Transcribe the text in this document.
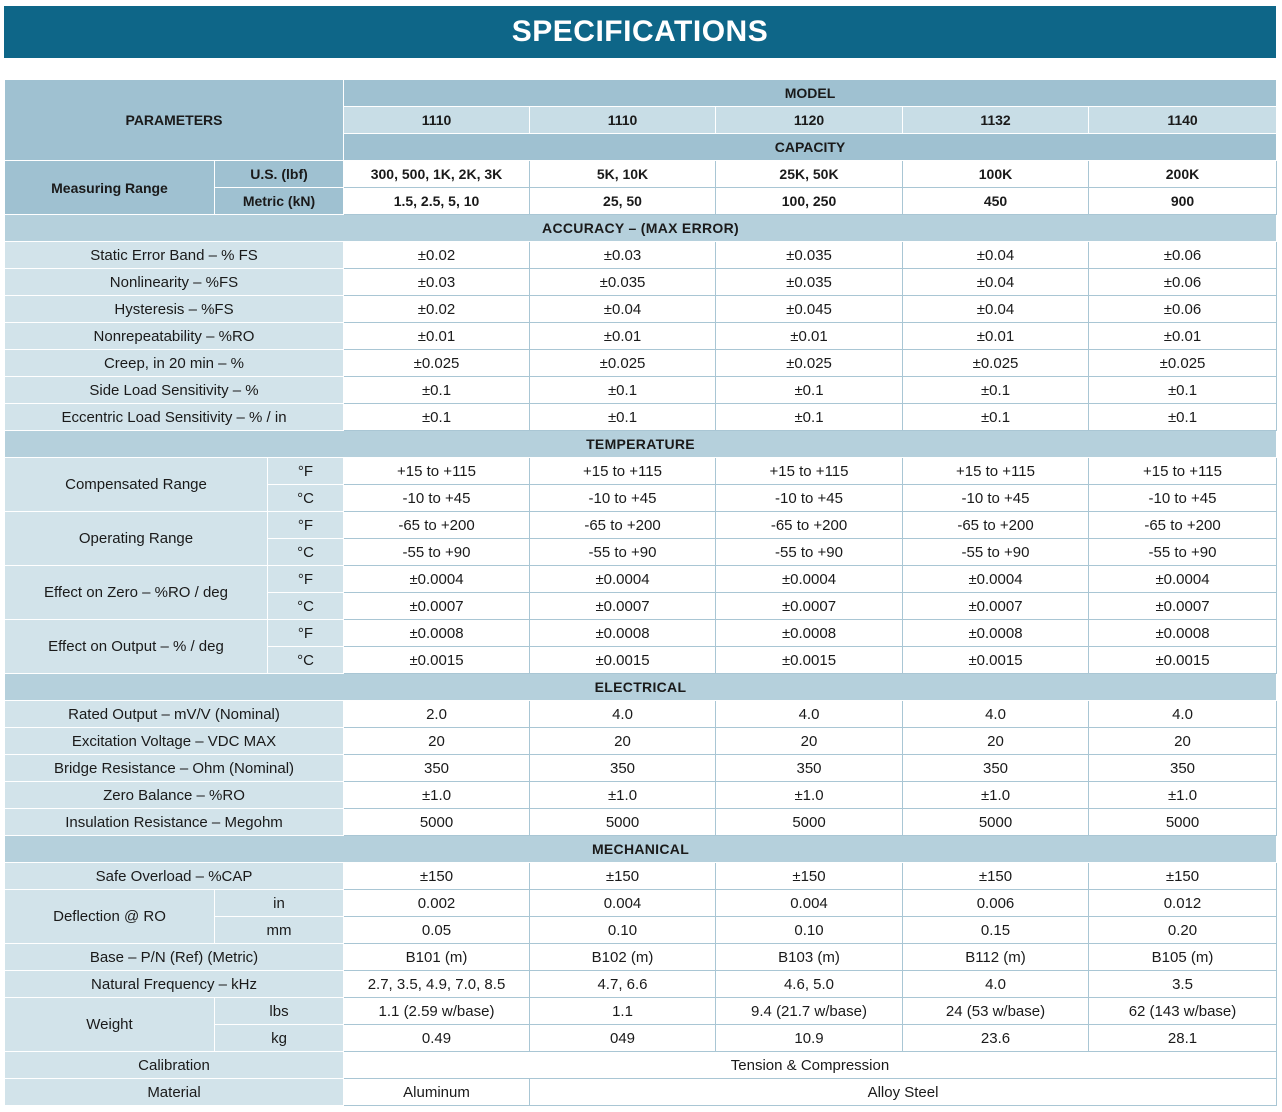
SPECIFICATIONS
PARAMETERS			MODEL				
			1110	1110	1120	1132	1140
			CAPACITY				
Measuring Range	U.S. (lbf)		300, 500, 1K, 2K, 3K	5K, 10K	25K, 50K	100K	200K
	Metric (kN)		1.5, 2.5, 5, 10	25, 50	100, 250	450	900
ACCURACY – (MAX ERROR)							
Static Error Band – % FS			±0.02	±0.03	±0.035	±0.04	±0.06
Nonlinearity – %FS			±0.03	±0.035	±0.035	±0.04	±0.06
Hysteresis – %FS			±0.02	±0.04	±0.045	±0.04	±0.06
Nonrepeatability – %RO			±0.01	±0.01	±0.01	±0.01	±0.01
Creep, in 20 min – %			±0.025	±0.025	±0.025	±0.025	±0.025
Side Load Sensitivity – %			±0.1	±0.1	±0.1	±0.1	±0.1
Eccentric Load Sensitivity – % / in			±0.1	±0.1	±0.1	±0.1	±0.1
TEMPERATURE							
Compensated Range		°F	+15 to +115	+15 to +115	+15 to +115	+15 to +115	+15 to +115
		°C	-10 to +45	-10 to +45	-10 to +45	-10 to +45	-10 to +45
Operating Range		°F	-65 to +200	-65 to +200	-65 to +200	-65 to +200	-65 to +200
		°C	-55 to +90	-55 to +90	-55 to +90	-55 to +90	-55 to +90
Effect on Zero – %RO / deg		°F	±0.0004	±0.0004	±0.0004	±0.0004	±0.0004
		°C	±0.0007	±0.0007	±0.0007	±0.0007	±0.0007
Effect on Output – % / deg		°F	±0.0008	±0.0008	±0.0008	±0.0008	±0.0008
		°C	±0.0015	±0.0015	±0.0015	±0.0015	±0.0015
ELECTRICAL							
Rated Output – mV/V (Nominal)			2.0	4.0	4.0	4.0	4.0
Excitation Voltage – VDC MAX			20	20	20	20	20
Bridge Resistance – Ohm (Nominal)			350	350	350	350	350
Zero Balance – %RO			±1.0	±1.0	±1.0	±1.0	±1.0
Insulation Resistance – Megohm			5000	5000	5000	5000	5000
MECHANICAL							
Safe Overload – %CAP			±150	±150	±150	±150	±150
Deflection @ RO	in		0.002	0.004	0.004	0.006	0.012
	mm		0.05	0.10	0.10	0.15	0.20
Base – P/N (Ref) (Metric)			B101 (m)	B102 (m)	B103 (m)	B112 (m)	B105 (m)
Natural Frequency – kHz			2.7, 3.5, 4.9, 7.0, 8.5	4.7, 6.6	4.6, 5.0	4.0	3.5
Weight	lbs		1.1 (2.59 w/base)	1.1	9.4 (21.7 w/base)	24 (53 w/base)	62 (143 w/base)
	kg		0.49	049	10.9	23.6	28.1
Calibration			Tension & Compression				
Material			Aluminum	Alloy Steel			
